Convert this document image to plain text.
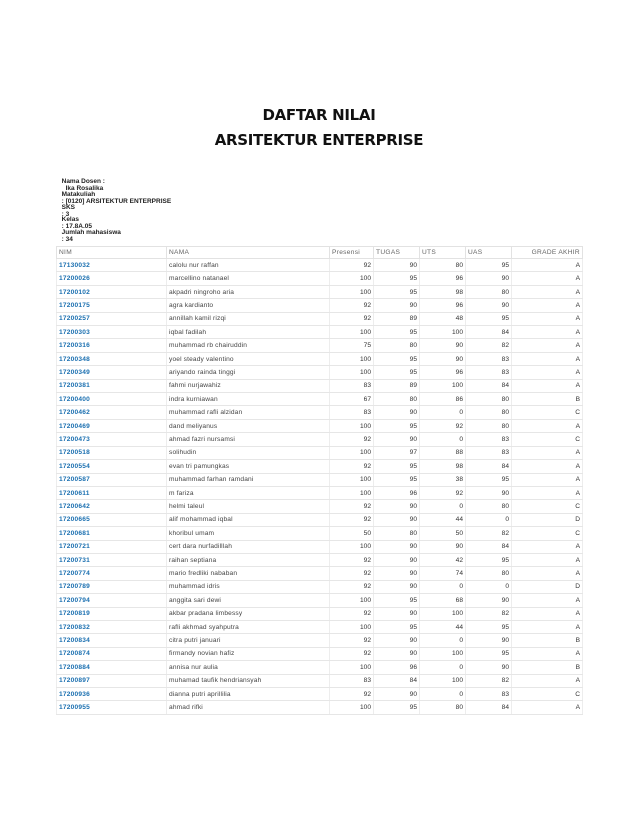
DAFTAR NILAI
ARSITEKTUR ENTERPRISE

Nama Dosen :
Ika Rosalika

Matakuliah
: [0120] ARSITEKTUR ENTERPRISE

SKS
: 3

Kelas
: 17.8A.05

Jumlah mahasiswa
: 34

NIM	NAMA	Presensi	TUGAS	UTS	UAS	GRADE AKHIR
17130032	calolu nur raffan	92	90	80	95	A
17200026	marcellino natanael	100	95	96	90	A
17200102	akpadri ningroho aria	100	95	98	80	A
17200175	agra kardianto	92	90	96	90	A
17200257	annillah kamil rizqi	92	89	48	95	A
17200303	iqbal fadilah	100	95	100	84	A
17200316	muhammad rb chairuddin	75	80	90	82	A
17200348	yoel steady valentino	100	95	90	83	A
17200349	ariyando rainda tinggi	100	95	96	83	A
17200381	fahmi nurjawahiz	83	89	100	84	A
17200400	indra kurniawan	67	80	86	80	B
17200462	muhammad rafli alzidan	83	90	0	80	C
17200469	dand meliyanus	100	95	92	80	A
17200473	ahmad fazri nursamsi	92	90	0	83	C
17200518	solihudin	100	97	88	83	A
17200554	evan tri pamungkas	92	95	98	84	A
17200587	muhammad farhan ramdani	100	95	38	95	A
17200611	m fariza	100	96	92	90	A
17200642	helmi taleul	92	90	0	80	C
17200665	alif mohammad iqbal	92	90	44	0	D
17200681	khoribul umam	50	80	50	82	C
17200721	cert dara nurfadilllah	100	90	90	84	A
17200731	raihan septiana	92	90	42	95	A
17200774	mario fredliki nababan	92	90	74	80	A
17200789	muhammad idris	92	90	0	0	D
17200794	anggita sari dewi	100	95	68	90	A
17200819	akbar pradana limbessy	92	90	100	82	A
17200832	rafli akhmad syahputra	100	95	44	95	A
17200834	citra putri januari	92	90	0	90	B
17200874	firmandy novian hafiz	92	90	100	95	A
17200884	annisa nur aulia	100	96	0	90	B
17200897	muhamad taufik hendriansyah	83	84	100	82	A
17200936	dianna putri aprillilia	92	90	0	83	C
17200955	ahmad rifki	100	95	80	84	A
